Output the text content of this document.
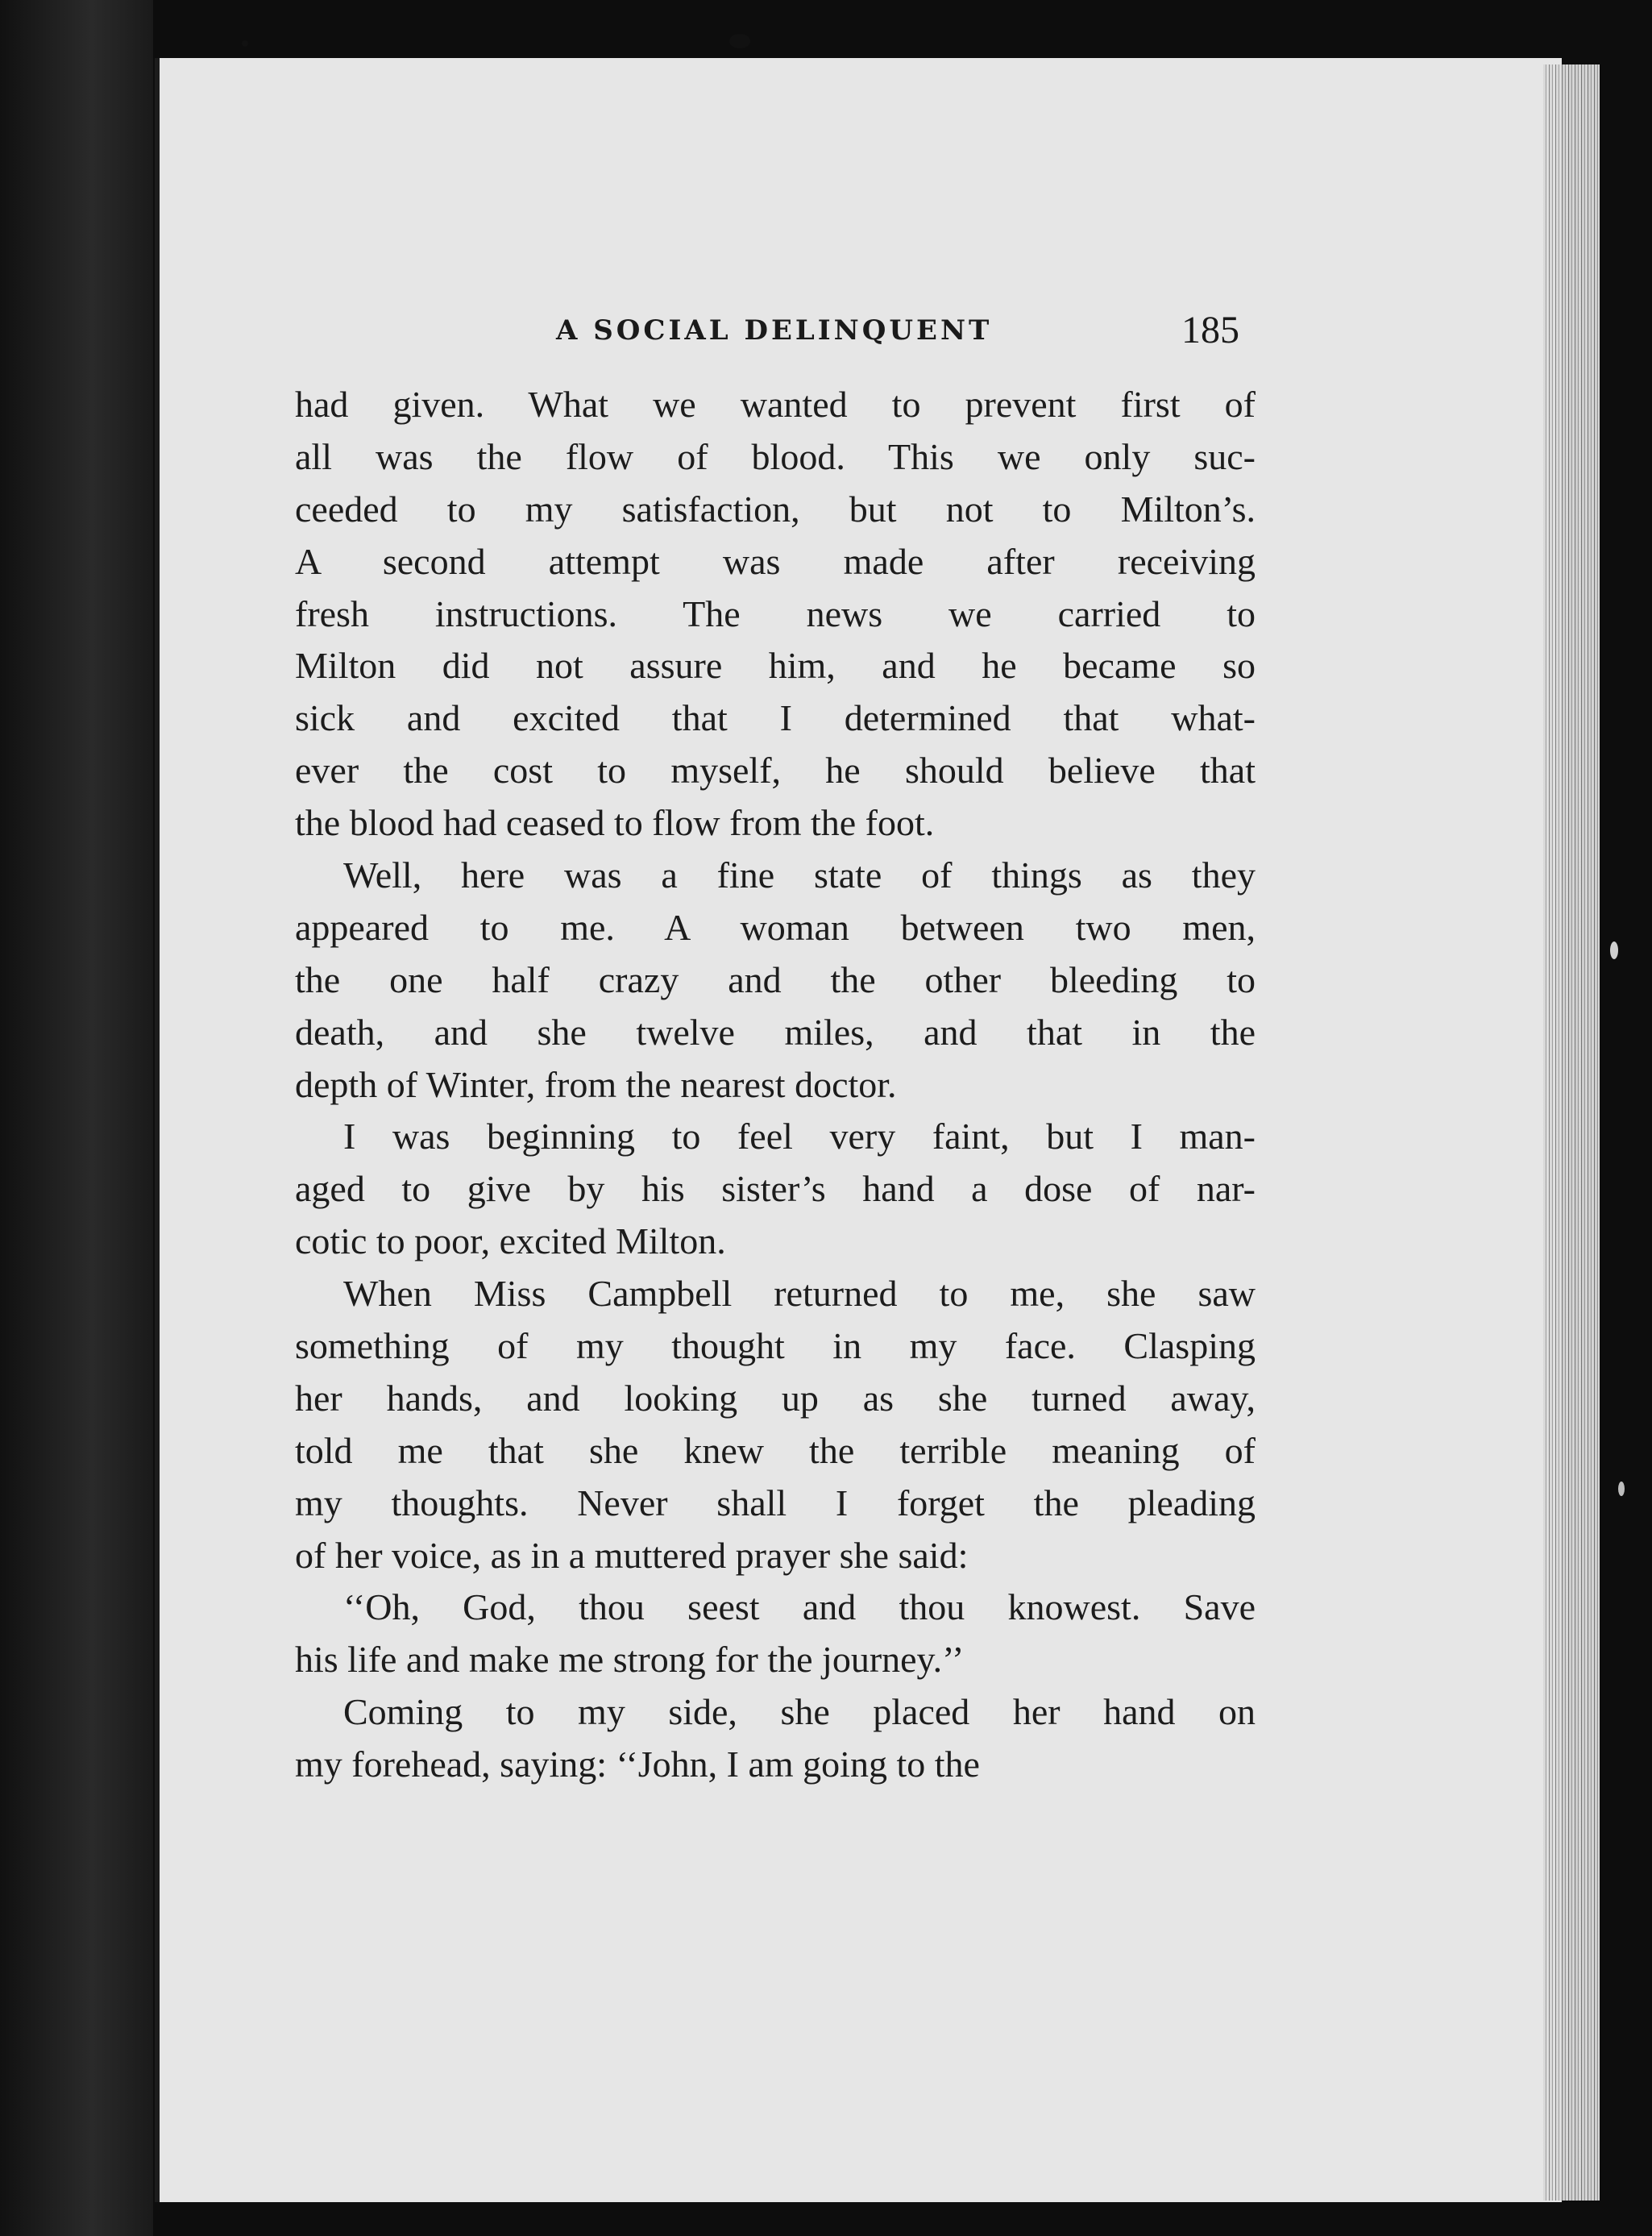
A SOCIAL DELINQUENT	185
had given. What we wanted to prevent first of
all was the flow of blood. This we only suc-
ceeded to my satisfaction, but not to Milton’s.
A second attempt was made after receiving
fresh instructions. The news we carried to
Milton did not assure him, and he became so
sick and excited that I determined that what-
ever the cost to myself, he should believe that
the blood had ceased to flow from the foot.
Well, here was a fine state of things as they
appeared to me. A woman between two men,
the one half crazy and the other bleeding to
death, and she twelve miles, and that in the
depth of Winter, from the nearest doctor.
I was beginning to feel very faint, but I man-
aged to give by his sister’s hand a dose of nar-
cotic to poor, excited Milton.
When Miss Campbell returned to me, she saw
something of my thought in my face. Clasping
her hands, and looking up as she turned away,
told me that she knew the terrible meaning of
my thoughts. Never shall I forget the pleading
of her voice, as in a muttered prayer she said:
‘‘Oh, God, thou seest and thou knowest. Save
his life and make me strong for the journey.’’
Coming to my side, she placed her hand on
my forehead, saying: ‘‘John, I am going to the
